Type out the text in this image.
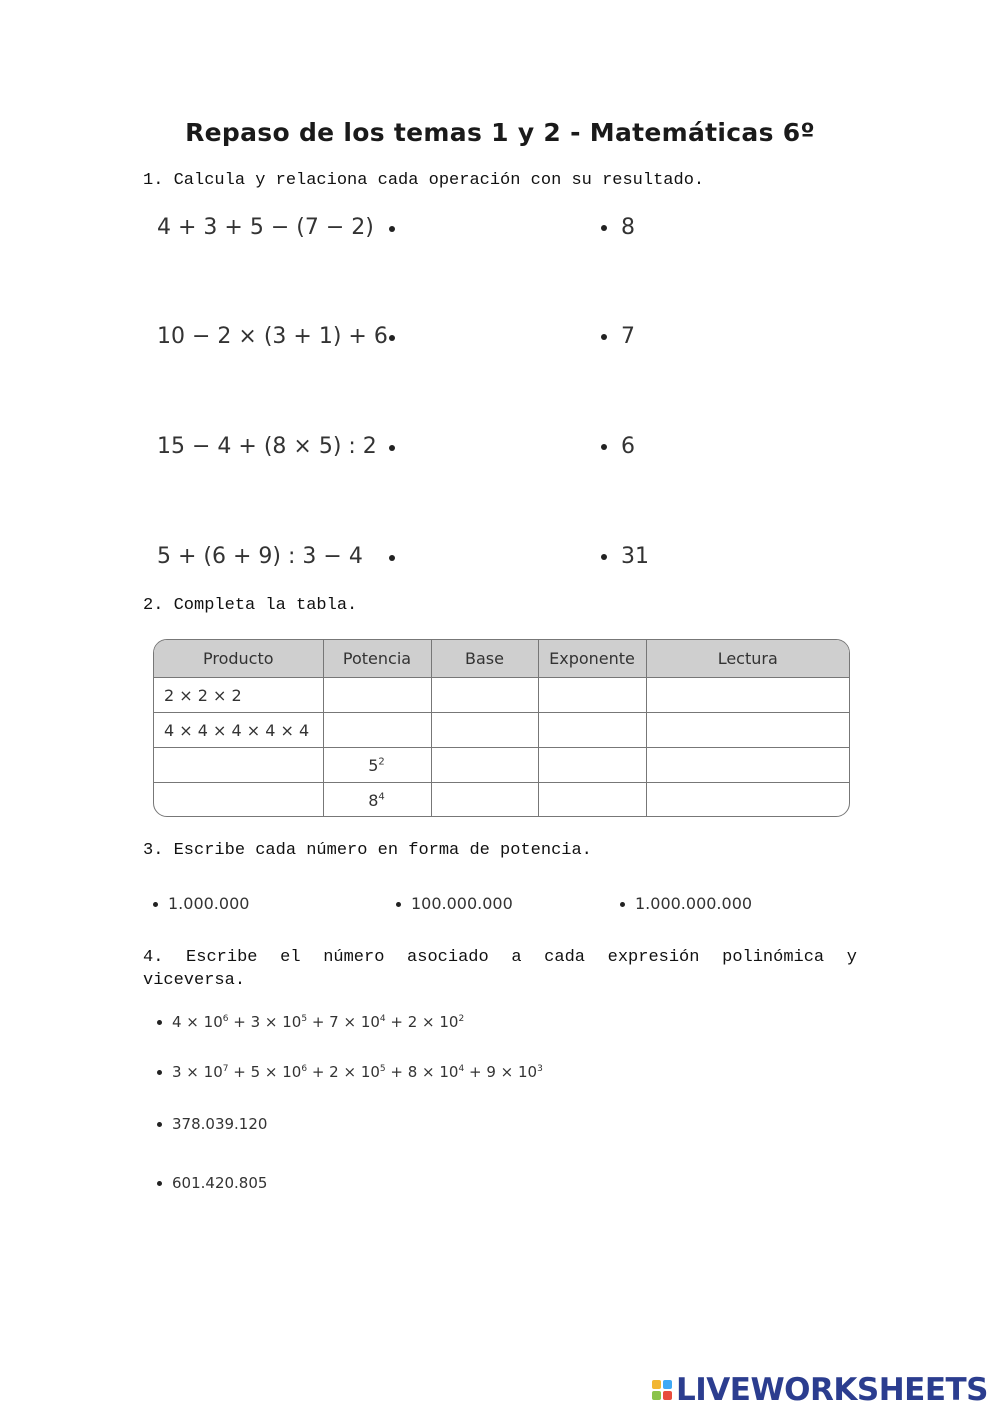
Repaso de los temas 1 y 2 - Matemáticas 6º
1. Calcula y relaciona cada operación con su resultado.
4 + 3 + 5 − (7 − 2)
10 − 2 × (3 + 1) + 6
15 − 4 + (8 × 5) : 2
5 + (6 + 9) : 3 − 4
8
7
6
31
2. Completa la tabla.
Producto	Potencia	Base	Exponente	Lectura
2 × 2 × 2				
4 × 4 × 4 × 4 × 4				
	$5^2$			
	$8^4$			
3. Escribe cada número en forma de potencia.
1.000.000	100.000.000	1.000.000.000
4. Escribe el número asociado a cada expresión polinómica y viceversa.
$4 \times 10^6 + 3 \times 10^5 + 7 \times 10^4 + 2 \times 10^2$
$3 \times 10^7 + 5 \times 10^6 + 2 \times 10^5 + 8 \times 10^4 + 9 \times 10^3$
378.039.120
601.420.805
LIVEWORKSHEETS
